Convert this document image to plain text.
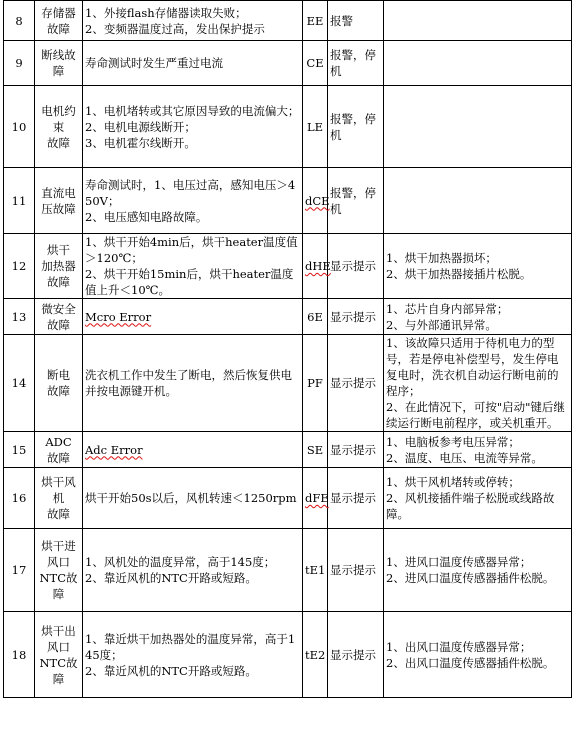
8	存储器
故障	1、外接flash存储器读取失败；
2、变频器温度过高，发出保护提示	EE	报警	

9	断线故
障	寿命测试时发生严重过电流	CE	报警，停
机	

10	电机约
束
故障	1、电机堵转或其它原因导致的电流偏大；
2、电机电源线断开；
3、电机霍尔线断开。	LE	报警，停
机	

11	直流电
压故障	寿命测试时，1、电压过高，感知电压＞450V；
2、电压感知电路故障。	dCE	报警，停
机	

12	烘干
加热器
故障	1、烘干开始4min后，烘干heater温度值＞120℃；
2、烘干开始15min后，烘干heater温度值上升＜10℃。	dHE	显示提示	1、烘干加热器损坏；
2、烘干加热器接插片松脱。

13	微安全
故障	Mcro Error	6E	显示提示	1、芯片自身内部异常；
2、与外部通讯异常。

14	断电
故障	洗衣机工作中发生了断电，然后恢复供电并按电源键开机。	PF	显示提示	1、该故障只适用于待机电力的型号，若是停电补偿型号，发生停电复电时，洗衣机自动运行断电前的程序；
2、在此情况下，可按"启动"键后继续运行断电前程序，或关机重开。

15	ADC
故障	Adc Error	SE	显示提示	1、电脑板参考电压异常；
2、温度、电压、电流等异常。

16	烘干风
机
故障	烘干开始50s以后，风机转速＜1250rpm	dFE	显示提示	1、烘干风机堵转或停转；
2、风机接插件端子松脱或线路故障。

17	烘干进
风口
NTC故
障	1、风机处的温度异常，高于145度；
2、靠近风机的NTC开路或短路。	tE1	显示提示	1、进风口温度传感器异常；
2、进风口温度传感器插件松脱。

18	烘干出
风口
NTC故
障	1、靠近烘干加热器处的温度异常，高于145度；
2、靠近风机的NTC开路或短路。	tE2	显示提示	1、出风口温度传感器异常；
2、出风口温度传感器插件松脱。
